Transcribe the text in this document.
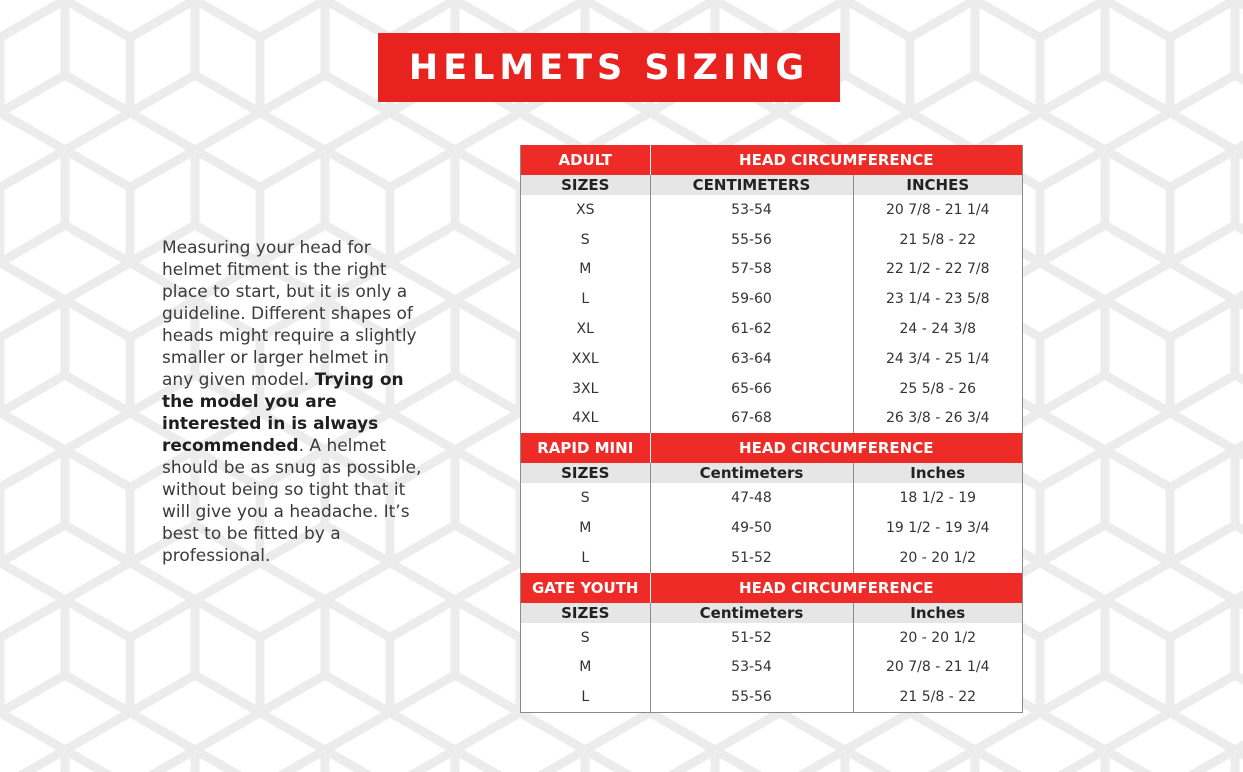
HELMETS SIZING
Measuring your head for helmet fitment is the right place to start, but it is only a guideline. Different shapes of heads might require a slightly smaller or larger helmet in any given model. Trying on the model you are interested in is always recommended. A helmet should be as snug as possible, without being so tight that it will give you a headache. It’s best to be fitted by a professional.
ADULT	HEAD CIRCUMFERENCE	
SIZES	CENTIMETERS	INCHES
XS	53-54	20 7/8 - 21 1/4
S	55-56	21 5/8 - 22
M	57-58	22 1/2 - 22 7/8
L	59-60	23 1/4 - 23 5/8
XL	61-62	24 - 24 3/8
XXL	63-64	24 3/4 - 25 1/4
3XL	65-66	25 5/8 - 26
4XL	67-68	26 3/8 - 26 3/4
RAPID MINI	HEAD CIRCUMFERENCE	
SIZES	Centimeters	Inches
S	47-48	18 1/2 - 19
M	49-50	19 1/2 - 19 3/4
L	51-52	20 - 20 1/2
GATE YOUTH	HEAD CIRCUMFERENCE	
SIZES	Centimeters	Inches
S	51-52	20 - 20 1/2
M	53-54	20 7/8 - 21 1/4
L	55-56	21 5/8 - 22
